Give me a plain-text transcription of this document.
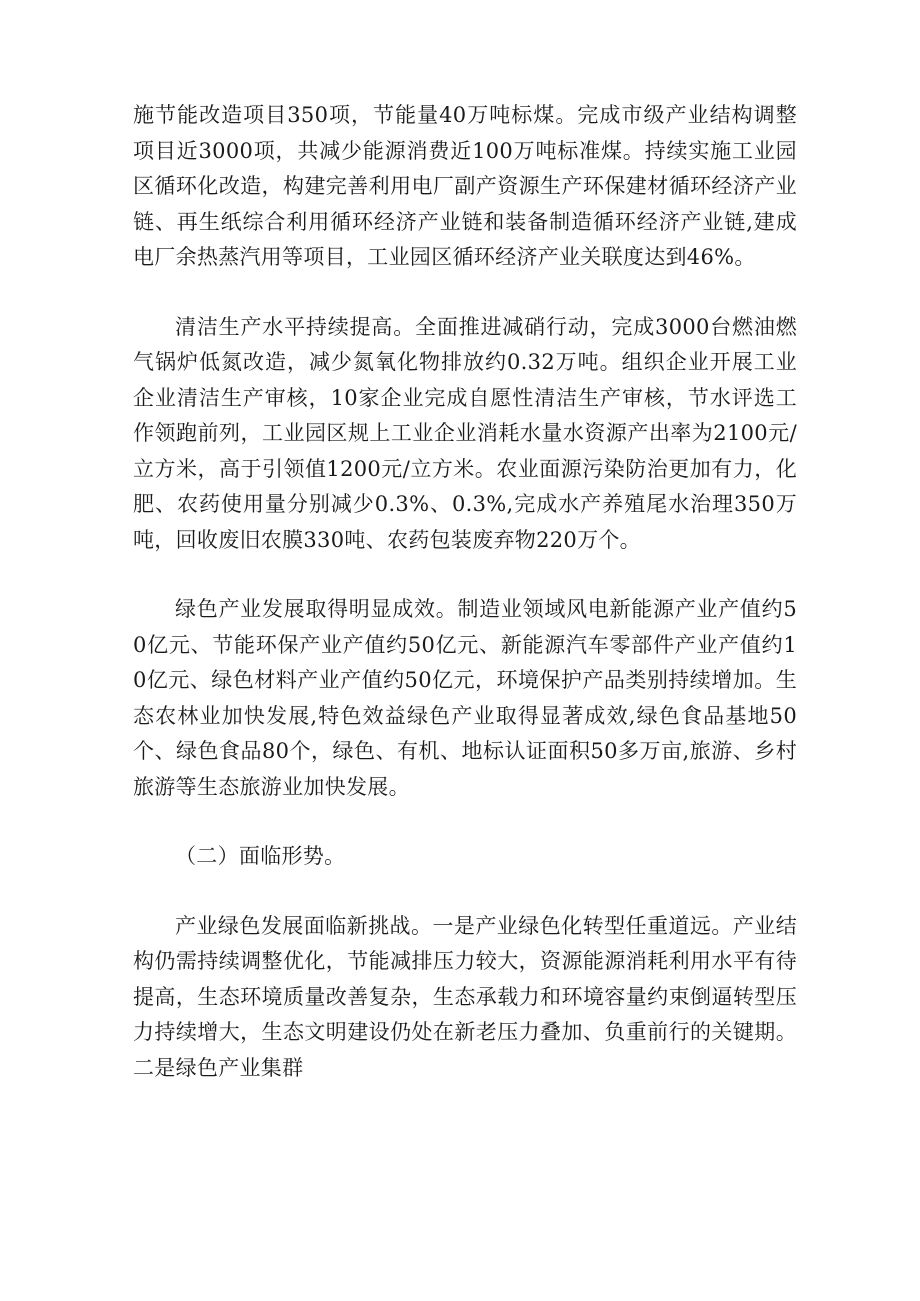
施节能改造项目350项，节能量40万吨标煤。完成市级产业结构调整项目近3000项，共减少能源消费近100万吨标准煤。持续实施工业园区循环化改造，构建完善利用电厂副产资源生产环保建材循环经济产业链、再生纸综合利用循环经济产业链和装备制造循环经济产业链,建成电厂余热蒸汽用等项目，工业园区循环经济产业关联度达到46%。

清洁生产水平持续提高。全面推进减硝行动，完成3000台燃油燃气锅炉低氮改造，减少氮氧化物排放约0.32万吨。组织企业开展工业企业清洁生产审核，10家企业完成自愿性清洁生产审核，节水评选工作领跑前列，工业园区规上工业企业消耗水量水资源产出率为2100元/立方米，高于引领值1200元/立方米。农业面源污染防治更加有力，化肥、农药使用量分别减少0.3%、0.3%,完成水产养殖尾水治理350万吨，回收废旧农膜330吨、农药包装废弃物220万个。

绿色产业发展取得明显成效。制造业领域风电新能源产业产值约50亿元、节能环保产业产值约50亿元、新能源汽车零部件产业产值约10亿元、绿色材料产业产值约50亿元，环境保护产品类别持续增加。生态农林业加快发展,特色效益绿色产业取得显著成效,绿色食品基地50个、绿色食品80个，绿色、有机、地标认证面积50多万亩,旅游、乡村旅游等生态旅游业加快发展。

（二）面临形势。

产业绿色发展面临新挑战。一是产业绿色化转型任重道远。产业结构仍需持续调整优化，节能减排压力较大，资源能源消耗利用水平有待提高，生态环境质量改善复杂，生态承载力和环境容量约束倒逼转型压力持续增大，生态文明建设仍处在新老压力叠加、负重前行的关键期。二是绿色产业集群
